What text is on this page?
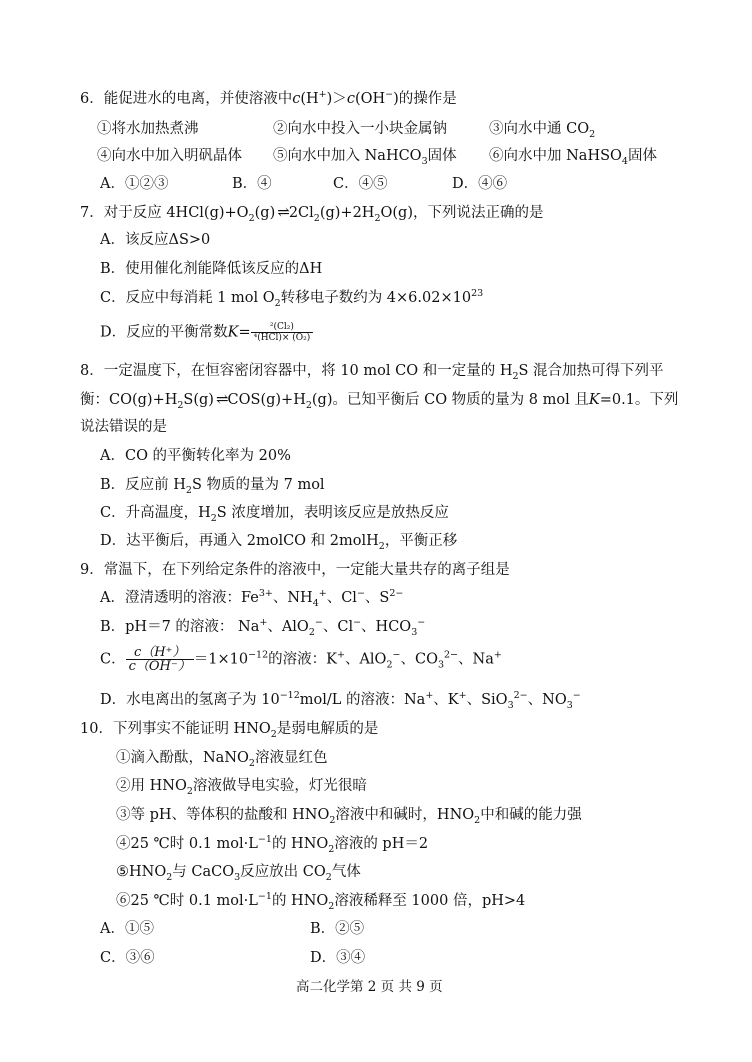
6．能促进水的电离，并使溶液中c(H+)＞c(OH−)的操作是
①将水加热煮沸	②向水中投入一小块金属钠	③向水中通 $CO_2$
④向水中加入明矾晶体 ⑤向水中加入 NaHCO$_3$固体 ⑥向水中加 NaHSO$_4$固体
A．①②③	B．④	C．④⑤	D．④⑥
7．对于反应 $4HCl(g)+O_2(g)$ ⇌ $2Cl_2(g)+2H_2O(g)$，下列说法正确的是
A．该反应ΔS>0
B．使用催化剂能降低该反应的ΔH
C．反应中每消耗 1 mol $O_2$转移电子数约为 $4\times 6.02\times 10^{23}$
D．反应的平衡常数$K= \frac{\text{²(Cl₂)}}{\text{⁴(HCl)× (O₂)}}$
8．一定温度下，在恒容密闭容器中，将 10 mol CO 和一定量的 $H_2S$ 混合加热可得下列平
衡：$CO(g)+H_2S(g)$ ⇌ $COS(g)+H_2(g)$。已知平衡后 CO 物质的量为 8 mol 且K=0.1。下列
说法错误的是
A．CO 的平衡转化率为 20%
B．反应前 $H_2S$ 物质的量为 7 mol
C．升高温度，$H_2S$ 浓度增加，表明该反应是放热反应
D．达平衡后，再通入 2molCO 和 2molH$_2$，平衡正移
9．常温下，在下列给定条件的溶液中，一定能大量共存的离子组是
A．澄清透明的溶液：$Fe^{3+}$、$NH_4^+$、Cl−、$S^{2-}$
B．pH＝7 的溶液： Na+、AlO$_2$−、Cl−、$HCO_3^-$
C． $\frac{c(H^+)}{c(OH^-)} =1\times 10^{-12}$的溶液：K+、AlO$_2$−、$CO_3^{2-}$、Na+
D．水电离出的氢离子为 $10^{-12}mol/L$ 的溶液：Na+、K+、SiO$_3^{2-}$、$NO_3^-$
10．下列事实不能证明 $HNO_2$是弱电解质的是
①滴入酚酞，NaNO$_2$溶液显红色
②用 $HNO_2$溶液做导电实验，灯光很暗
③等 pH、等体积的盐酸和 $HNO_2$溶液中和碱时，$HNO_2$中和碱的能力强
④25 ℃时 0.1 $mol\cdot L^{-1}$的 $HNO_2$溶液的 pH＝2
$⑤HNO_2$与 CaCO$_3$反应放出 $CO_2$气体
⑥25 ℃时 0.1 $mol\cdot L^{-1}$的 $HNO_2$溶液稀释至 1000 倍，pH>4
A．①⑤	B．②⑤
C．③⑥	D．③④
高二化学第 2 页 共 9 页
